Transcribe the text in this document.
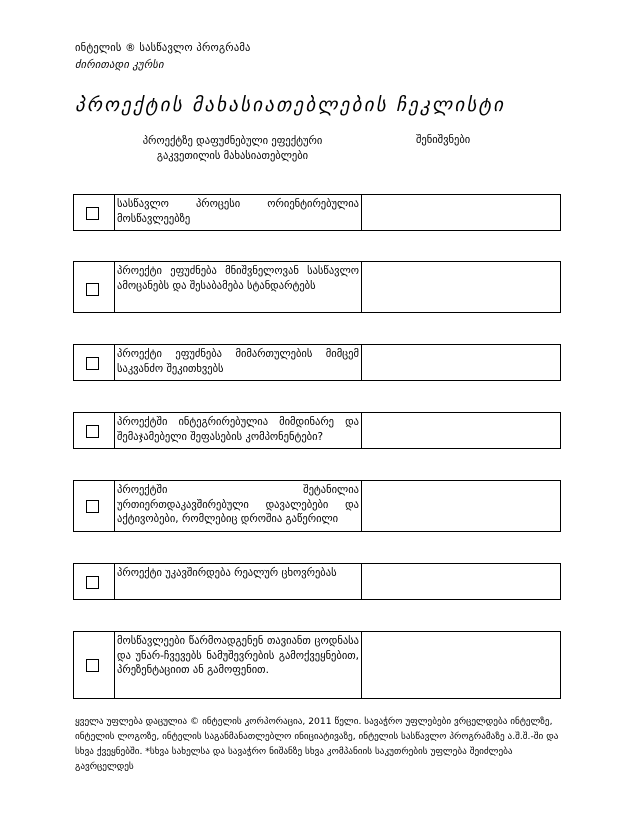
ინტელის ® სასწავლო პროგრამა
ძირითადი კურსი
პროექტის მახასიათებლების ჩეკლისტი
პროექტზე დაფუძნებული ეფექტური გაკვეთილის მახასიათებლები
შენიშვნები
სასწავლო პროცესი ორიენტირებულია მოსწავლეებზე
პროექტი ეფუძნება მნიშვნელოვან სასწავლო ამოცანებს და შესაბამება სტანდარტებს
პროექტი ეფუძნება მიმართულების მიმცემ საკვანძო შეკითხვებს
პროექტში ინტეგრირებულია მიმდინარე და შემაჯამებელი შეფასების კომპონენტები?
პროექტში შეტანილია ურთიერთდაკავშირებული დავალებები და აქტივობები, რომლებიც დროშია გაწერილი
პროექტი უკავშირდება რეალურ ცხოვრებას
მოსწავლეები წარმოადგენენ თავიანთ ცოდნასა და უნარ-ჩვევებს ნამუშევრების გამოქვეყნებით, პრეზენტაციით ან გამოფენით.
ყველა უფლება დაცულია © ინტელის კორპორაცია, 2011 წელი. სავაჭრო უფლებები ვრცელდება ინტელზე, ინტელის ლოგოზე, ინტელის საგანმანათლებლო ინიციატივაზე, ინტელის სასწავლო პროგრამაზე ა.შ.შ.-ში და სხვა ქვეყნებში. *სხვა სახელსა და სავაჭრო ნიშანზე სხვა კომპანიის საკუთრების უფლება შეიძლება გავრცელდეს
